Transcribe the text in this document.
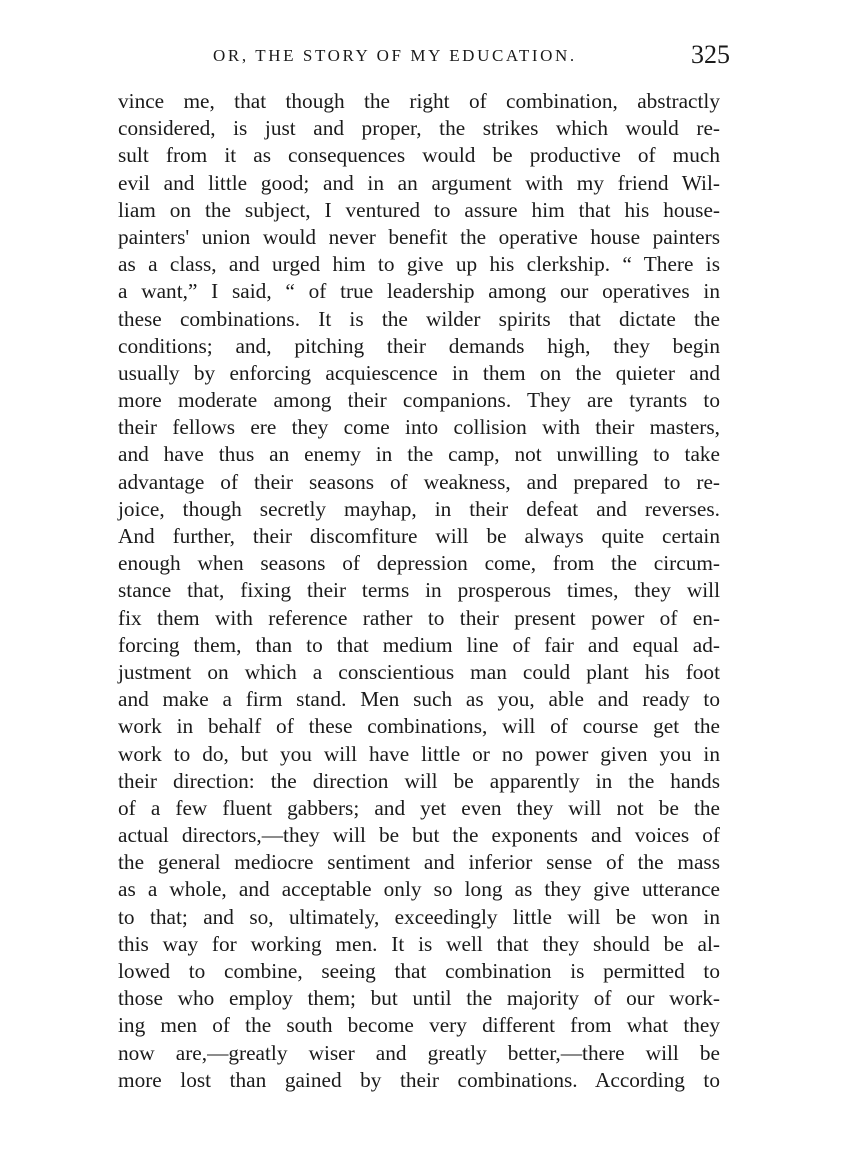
OR, THE STORY OF MY EDUCATION.	325
vince me, that though the right of combination, abstractly
considered, is just and proper, the strikes which would re-
sult from it as consequences would be productive of much
evil and little good; and in an argument with my friend Wil-
liam on the subject, I ventured to assure him that his house-
painters' union would never benefit the operative house painters
as a class, and urged him to give up his clerkship. “ There is
a want,” I said, “ of true leadership among our operatives in
these combinations. It is the wilder spirits that dictate the
conditions; and, pitching their demands high, they begin
usually by enforcing acquiescence in them on the quieter and
more moderate among their companions. They are tyrants to
their fellows ere they come into collision with their masters,
and have thus an enemy in the camp, not unwilling to take
advantage of their seasons of weakness, and prepared to re-
joice, though secretly mayhap, in their defeat and reverses.
And further, their discomfiture will be always quite certain
enough when seasons of depression come, from the circum-
stance that, fixing their terms in prosperous times, they will
fix them with reference rather to their present power of en-
forcing them, than to that medium line of fair and equal ad-
justment on which a conscientious man could plant his foot
and make a firm stand. Men such as you, able and ready to
work in behalf of these combinations, will of course get the
work to do, but you will have little or no power given you in
their direction: the direction will be apparently in the hands
of a few fluent gabbers; and yet even they will not be the
actual directors,—they will be but the exponents and voices of
the general mediocre sentiment and inferior sense of the mass
as a whole, and acceptable only so long as they give utterance
to that; and so, ultimately, exceedingly little will be won in
this way for working men. It is well that they should be al-
lowed to combine, seeing that combination is permitted to
those who employ them; but until the majority of our work-
ing men of the south become very different from what they
now are,—greatly wiser and greatly better,—there will be
more lost than gained by their combinations. According to
